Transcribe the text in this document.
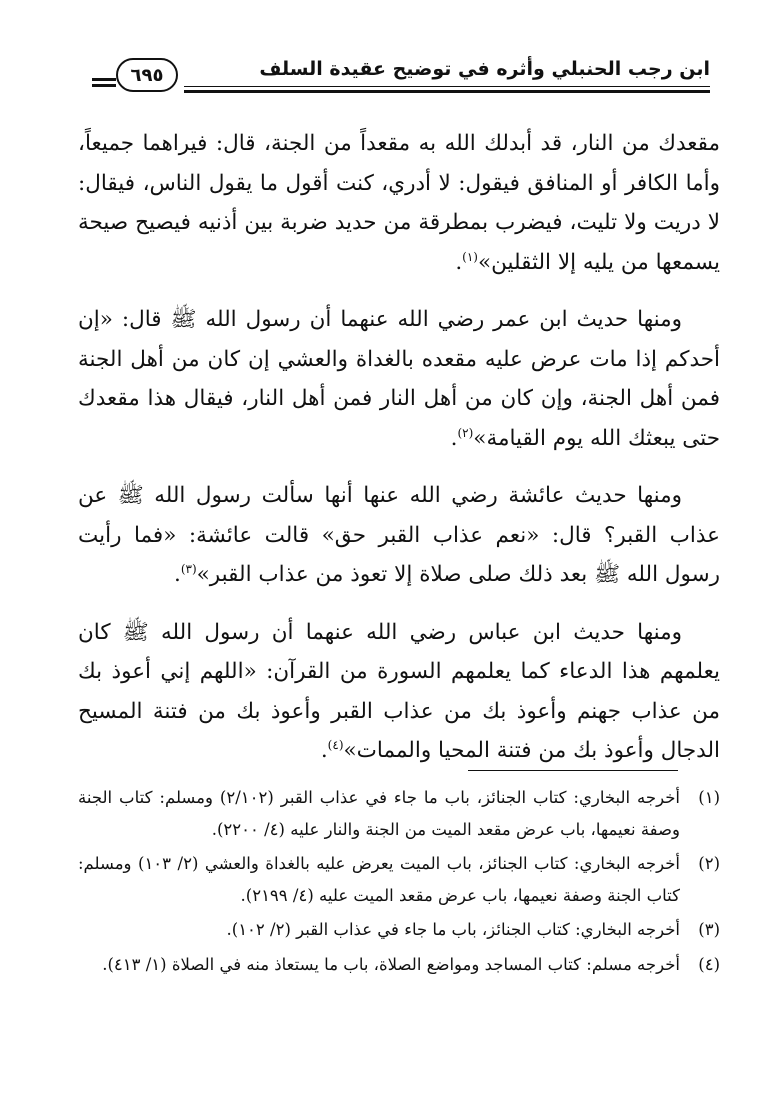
ابن رجب الحنبلي وأثره في توضيح عقيدة السلف
٦٩٥

مقعدك من النار، قد أبدلك الله به مقعداً من الجنة، قال: فيراهما جميعاً، وأما الكافر أو المنافق فيقول: لا أدري، كنت أقول ما يقول الناس، فيقال: لا دريت ولا تليت، فيضرب بمطرقة من حديد ضربة بين أذنيه فيصيح صيحة يسمعها من يليه إلا الثقلين»$^{(١)}$.

ومنها حديث ابن عمر رضي الله عنهما أن رسول الله ﷺ قال: «إن أحدكم إذا مات عرض عليه مقعده بالغداة والعشي إن كان من أهل الجنة فمن أهل الجنة، وإن كان من أهل النار فمن أهل النار، فيقال هذا مقعدك حتى يبعثك الله يوم القيامة»$^{(٢)}$.

ومنها حديث عائشة رضي الله عنها أنها سألت رسول الله ﷺ عن عذاب القبر؟ قال: «نعم عذاب القبر حق» قالت عائشة: «فما رأيت رسول الله ﷺ بعد ذلك صلى صلاة إلا تعوذ من عذاب القبر»$^{(٣)}$.

ومنها حديث ابن عباس رضي الله عنهما أن رسول الله ﷺ كان يعلمهم هذا الدعاء كما يعلمهم السورة من القرآن: «اللهم إني أعوذ بك من عذاب جهنم وأعوذ بك من عذاب القبر وأعوذ بك من فتنة المسيح الدجال وأعوذ بك من فتنة المحيا والممات»$^{(٤)}$.

(١)
أخرجه البخاري: كتاب الجنائز، باب ما جاء في عذاب القبر (٢/١٠٢) ومسلم: كتاب الجنة وصفة نعيمها، باب عرض مقعد الميت من الجنة والنار عليه (٤/ ٢٢٠٠).
(٢)
أخرجه البخاري: كتاب الجنائز، باب الميت يعرض عليه بالغداة والعشي (٢/ ١٠٣) ومسلم: كتاب الجنة وصفة نعيمها، باب عرض مقعد الميت عليه (٤/ ٢١٩٩).
(٣)
أخرجه البخاري: كتاب الجنائز، باب ما جاء في عذاب القبر (٢/ ١٠٢).
(٤)
أخرجه مسلم: كتاب المساجد ومواضع الصلاة، باب ما يستعاذ منه في الصلاة (١/ ٤١٣).
